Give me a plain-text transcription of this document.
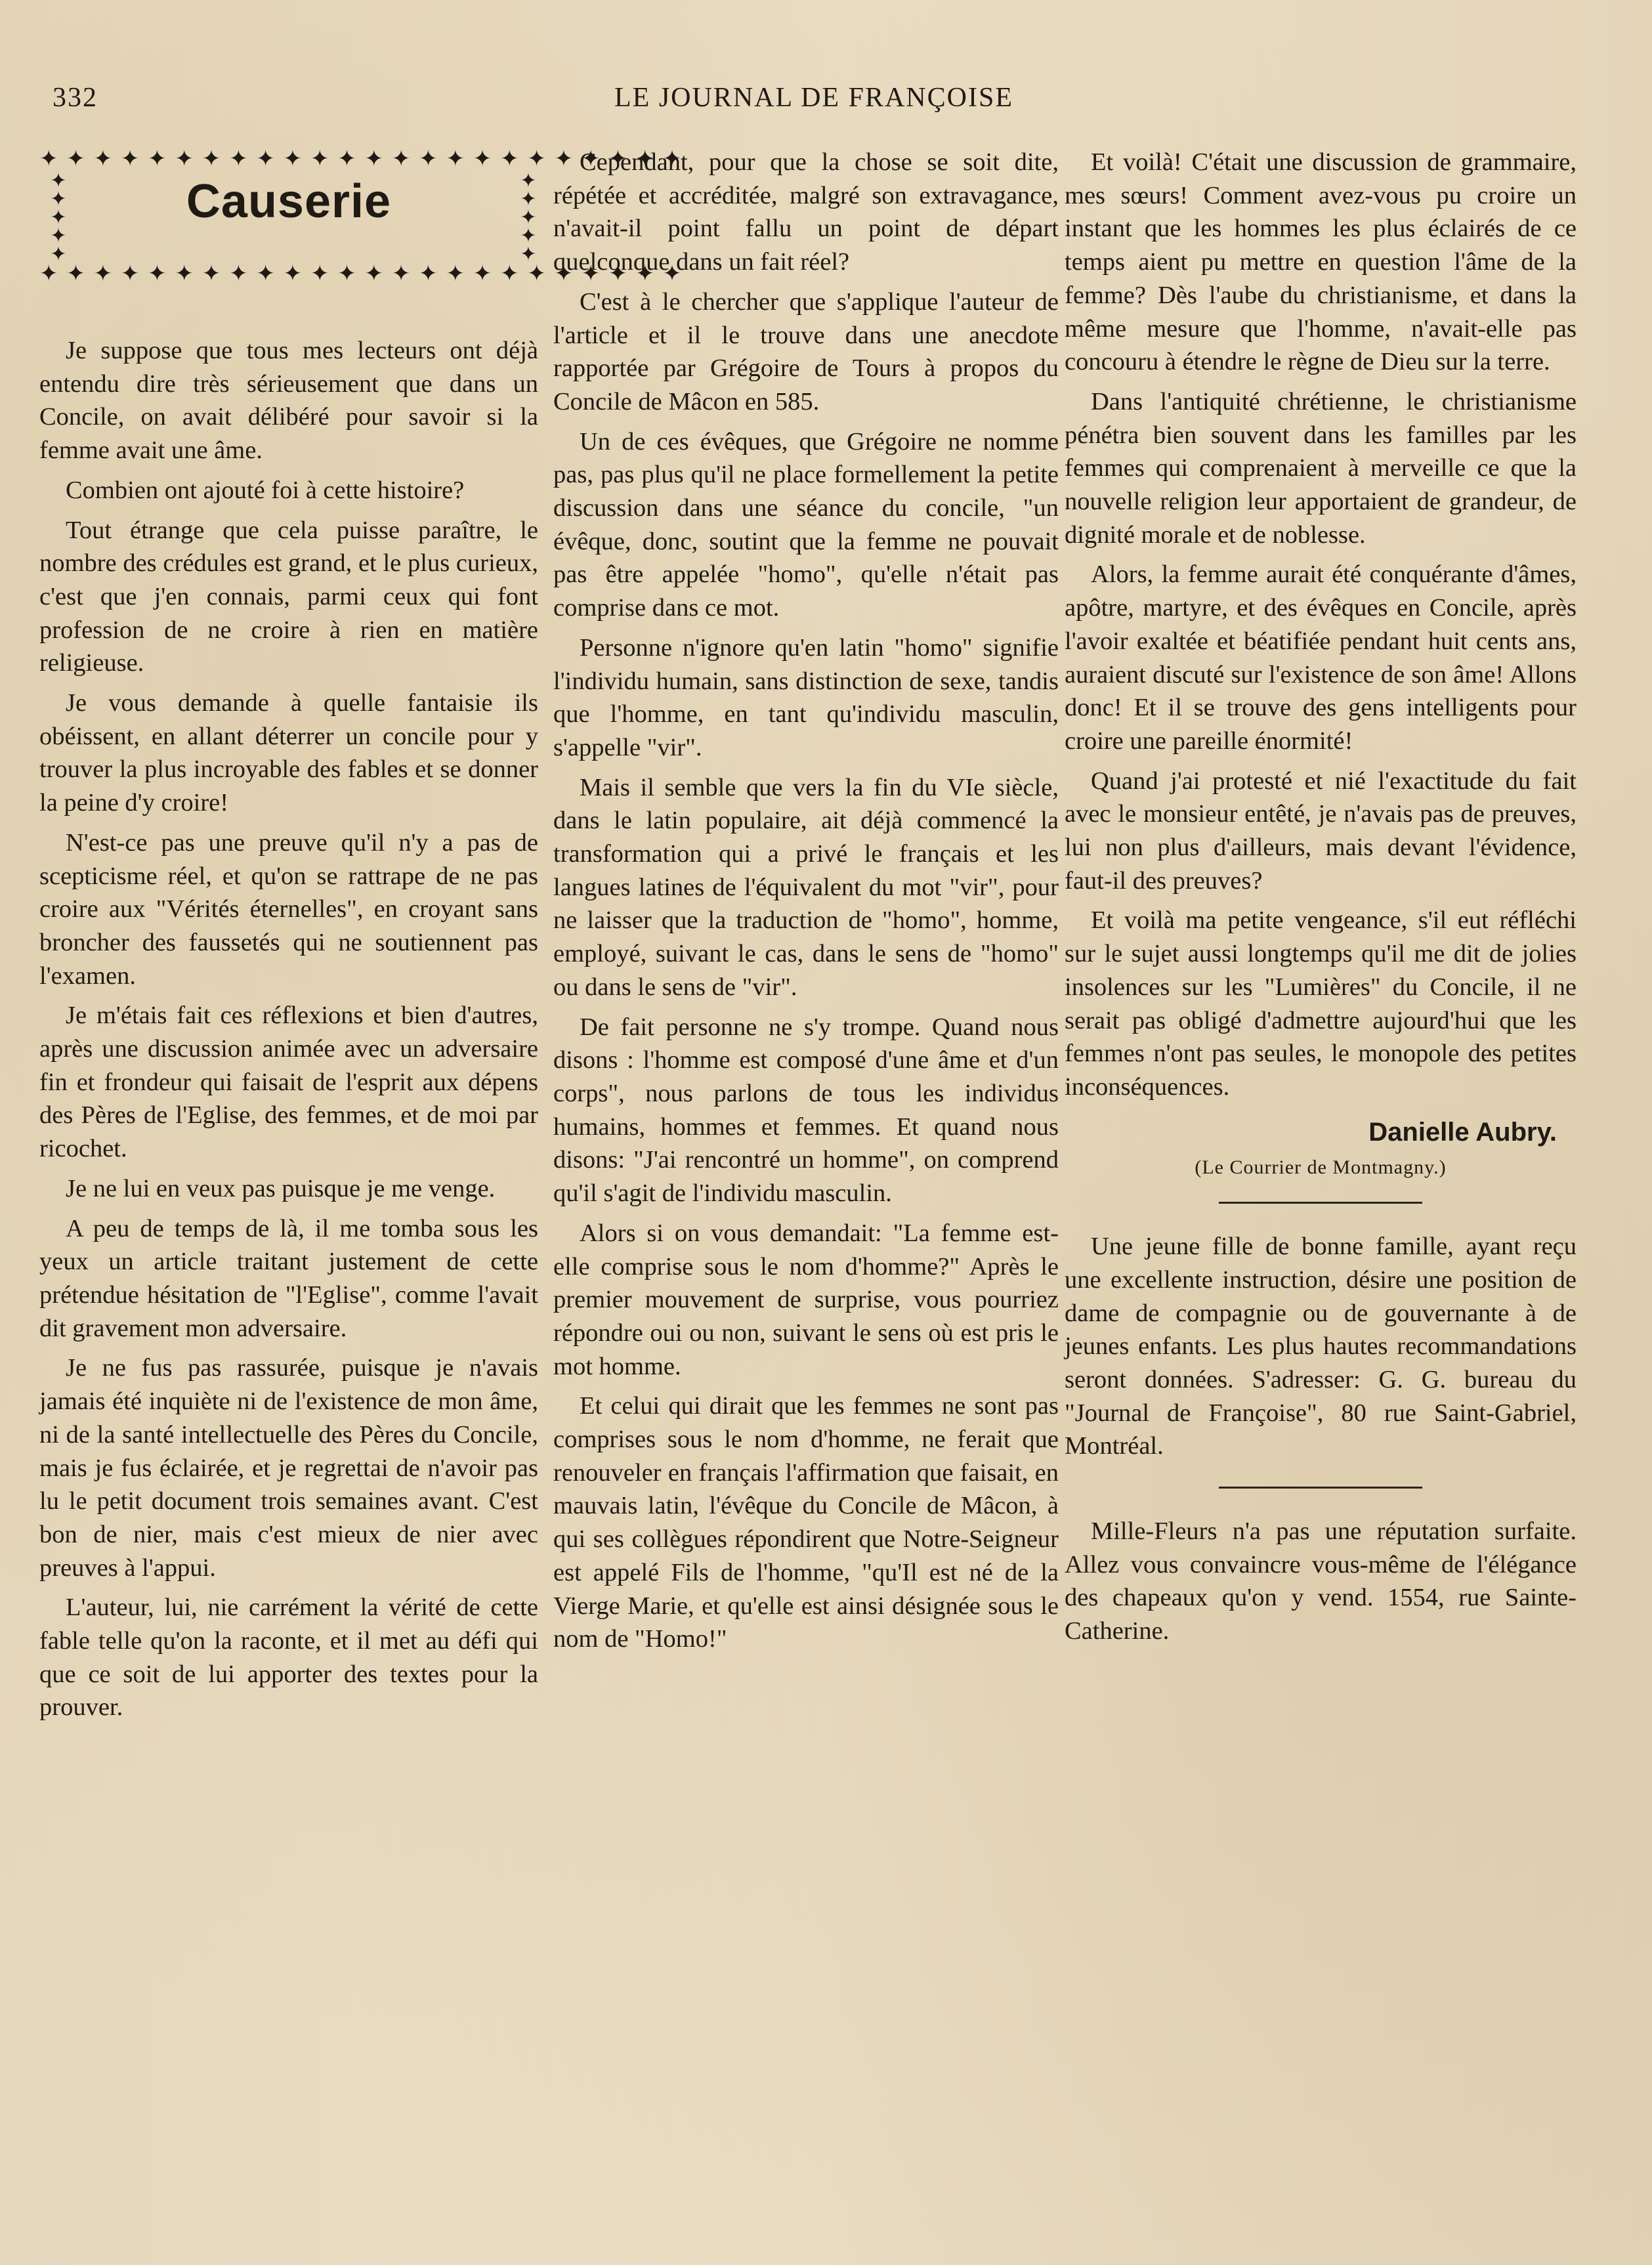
332	LE JOURNAL DE FRANÇOISE
✦ ✦ ✦ ✦ ✦ ✦ ✦ ✦ ✦ ✦ ✦ ✦ ✦ ✦ ✦ ✦ ✦ ✦ ✦ ✦ ✦ ✦ ✦ ✦
✦
✦
✦
✦
✦
✦
✦
✦
✦
✦
Causerie
✦ ✦ ✦ ✦ ✦ ✦ ✦ ✦ ✦ ✦ ✦ ✦ ✦ ✦ ✦ ✦ ✦ ✦ ✦ ✦ ✦ ✦ ✦ ✦

Je suppose que tous mes lecteurs ont déjà entendu dire très sérieusement que dans un Concile, on avait délibéré pour savoir si la femme avait une âme.

Combien ont ajouté foi à cette histoire?

Tout étrange que cela puisse paraître, le nombre des crédules est grand, et le plus curieux, c'est que j'en connais, parmi ceux qui font profession de ne croire à rien en matière religieuse.

Je vous demande à quelle fantaisie ils obéissent, en allant déterrer un concile pour y trouver la plus incroyable des fables et se donner la peine d'y croire!

N'est-ce pas une preuve qu'il n'y a pas de scepticisme réel, et qu'on se rattrape de ne pas croire aux "Vérités éternelles", en croyant sans broncher des faussetés qui ne soutiennent pas l'examen.

Je m'étais fait ces réflexions et bien d'autres, après une discussion animée avec un adversaire fin et frondeur qui faisait de l'esprit aux dépens des Pères de l'Eglise, des femmes, et de moi par ricochet.

Je ne lui en veux pas puisque je me venge.

A peu de temps de là, il me tomba sous les yeux un article traitant justement de cette prétendue hésitation de "l'Eglise", comme l'avait dit gravement mon adversaire.

Je ne fus pas rassurée, puisque je n'avais jamais été inquiète ni de l'existence de mon âme, ni de la santé intellectuelle des Pères du Concile, mais je fus éclairée, et je regrettai de n'avoir pas lu le petit document trois semaines avant. C'est bon de nier, mais c'est mieux de nier avec preuves à l'appui.

L'auteur, lui, nie carrément la vérité de cette fable telle qu'on la raconte, et il met au défi qui que ce soit de lui apporter des textes pour la prouver.

Cependant, pour que la chose se soit dite, répétée et accréditée, malgré son extravagance, n'avait-il point fallu un point de départ quelconque dans un fait réel?

C'est à le chercher que s'applique l'auteur de l'article et il le trouve dans une anecdote rapportée par Grégoire de Tours à propos du Concile de Mâcon en 585.

Un de ces évêques, que Grégoire ne nomme pas, pas plus qu'il ne place formellement la petite discussion dans une séance du concile, "un évêque, donc, soutint que la femme ne pouvait pas être appelée "homo", qu'elle n'était pas comprise dans ce mot.

Personne n'ignore qu'en latin "homo" signifie l'individu humain, sans distinction de sexe, tandis que l'homme, en tant qu'individu masculin, s'appelle "vir".

Mais il semble que vers la fin du VIe siècle, dans le latin populaire, ait déjà commencé la transformation qui a privé le français et les langues latines de l'équivalent du mot "vir", pour ne laisser que la traduction de "homo", homme, employé, suivant le cas, dans le sens de "homo" ou dans le sens de "vir".

De fait personne ne s'y trompe. Quand nous disons : l'homme est composé d'une âme et d'un corps", nous parlons de tous les individus humains, hommes et femmes. Et quand nous disons: "J'ai rencontré un homme", on comprend qu'il s'agit de l'individu masculin.

Alors si on vous demandait: "La femme est-elle comprise sous le nom d'homme?" Après le premier mouvement de surprise, vous pourriez répondre oui ou non, suivant le sens où est pris le mot homme.

Et celui qui dirait que les femmes ne sont pas comprises sous le nom d'homme, ne ferait que renouveler en français l'affirmation que faisait, en mauvais latin, l'évêque du Concile de Mâcon, à qui ses collègues répondirent que Notre-Seigneur est appelé Fils de l'homme, "qu'Il est né de la Vierge Marie, et qu'elle est ainsi désignée sous le nom de "Homo!"

Et voilà! C'était une discussion de grammaire, mes sœurs! Comment avez-vous pu croire un instant que les hommes les plus éclairés de ce temps aient pu mettre en question l'âme de la femme? Dès l'aube du christianisme, et dans la même mesure que l'homme, n'avait-elle pas concouru à étendre le règne de Dieu sur la terre.

Dans l'antiquité chrétienne, le christianisme pénétra bien souvent dans les familles par les femmes qui comprenaient à merveille ce que la nouvelle religion leur apportaient de grandeur, de dignité morale et de noblesse.

Alors, la femme aurait été conquérante d'âmes, apôtre, martyre, et des évêques en Concile, après l'avoir exaltée et béatifiée pendant huit cents ans, auraient discuté sur l'existence de son âme! Allons donc! Et il se trouve des gens intelligents pour croire une pareille énormité!

Quand j'ai protesté et nié l'exactitude du fait avec le monsieur entêté, je n'avais pas de preuves, lui non plus d'ailleurs, mais devant l'évidence, faut-il des preuves?

Et voilà ma petite vengeance, s'il eut réfléchi sur le sujet aussi longtemps qu'il me dit de jolies insolences sur les "Lumières" du Concile, il ne serait pas obligé d'admettre aujourd'hui que les femmes n'ont pas seules, le monopole des petites inconséquences.

Danielle Aubry.
(Le Courrier de Montmagny.)

Une jeune fille de bonne famille, ayant reçu une excellente instruction, désire une position de dame de compagnie ou de gouvernante à de jeunes enfants. Les plus hautes recommandations seront données. S'adresser: G. G. bureau du "Journal de Françoise", 80 rue Saint-Gabriel, Montréal.

Mille-Fleurs n'a pas une réputation surfaite. Allez vous convaincre vous-même de l'élégance des chapeaux qu'on y vend. 1554, rue Sainte-Catherine.
